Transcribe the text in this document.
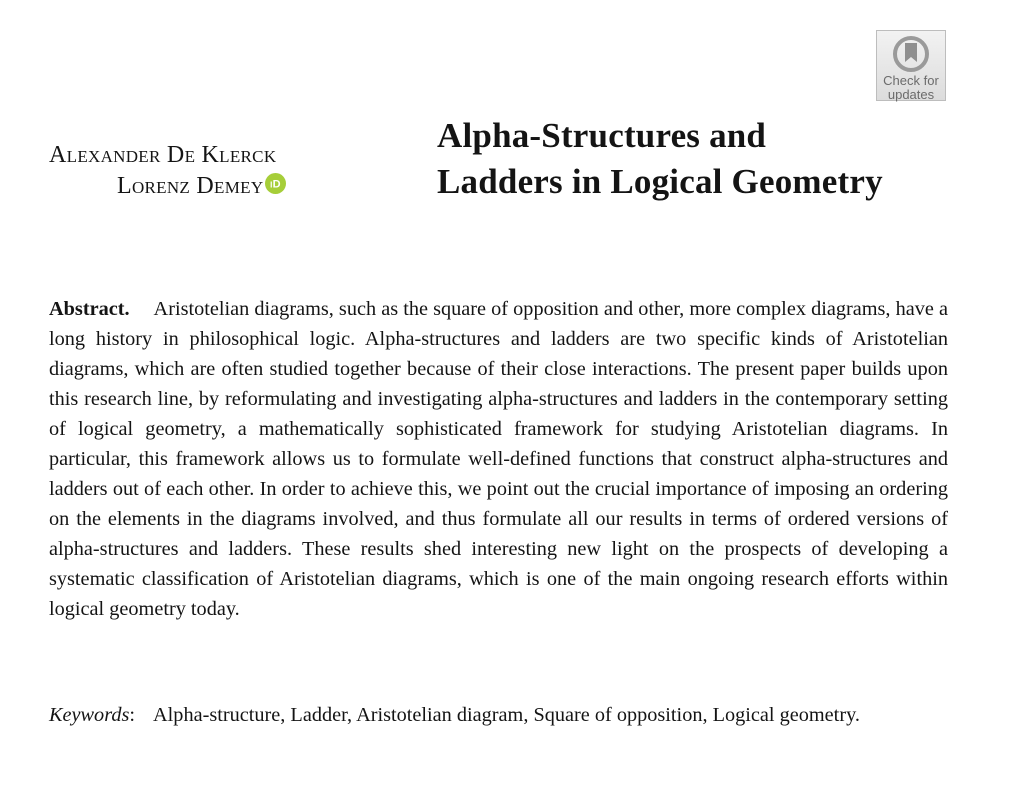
Check for
updates
Alexander De Klerck
Lorenz Demey iD
Alpha-Structures and
Ladders in Logical Geometry

Abstract. Aristotelian diagrams, such as the square of opposition and other, more complex diagrams, have a long history in philosophical logic. Alpha-structures and ladders are two specific kinds of Aristotelian diagrams, which are often studied together because of their close interactions. The present paper builds upon this research line, by reformulating and investigating alpha-structures and ladders in the contemporary setting of logical geometry, a mathematically sophisticated framework for studying Aristotelian diagrams. In particular, this framework allows us to formulate well-defined functions that construct alpha-structures and ladders out of each other. In order to achieve this, we point out the crucial importance of imposing an ordering on the elements in the diagrams involved, and thus formulate all our results in terms of ordered versions of alpha-structures and ladders. These results shed interesting new light on the prospects of developing a systematic classification of Aristotelian diagrams, which is one of the main ongoing research efforts within logical geometry today.

Keywords: Alpha-structure, Ladder, Aristotelian diagram, Square of opposition, Logical geometry.
